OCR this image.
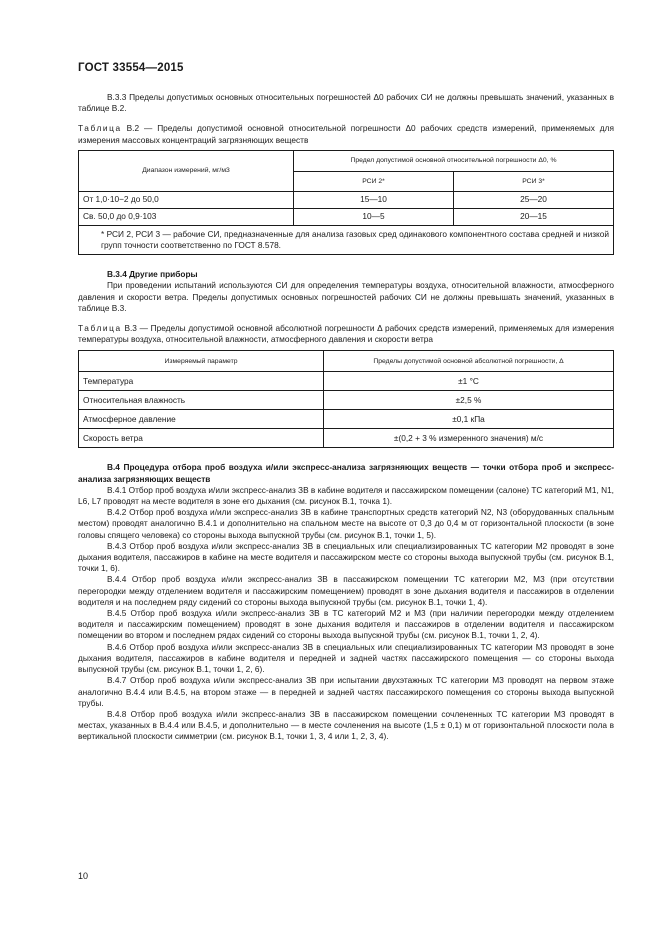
ГОСТ 33554—2015

В.3.3 Пределы допустимых основных относительных погрешностей Δ0 рабочих СИ не должны превышать значений, указанных в таблице В.2.

Таблица В.2 — Пределы допустимой основной относительной погрешности Δ0 рабочих средств измерений, применяемых для измерения массовых концентраций загрязняющих веществ

Диапазон измерений, мг/м3	Предел допустимой основной относительной погрешности Δ0, %	
	РСИ 2*	РСИ 3*
От 1,0·10−2 до 50,0	15—10	25—20
Св. 50,0 до 0,9·103	10—5	20—15
* РСИ 2, РСИ 3 — рабочие СИ, предназначенные для анализа газовых сред одинакового компонентного состава средней и низкой групп точности соответственно по ГОСТ 8.578.		

В.3.4 Другие приборы

При проведении испытаний используются СИ для определения температуры воздуха, относительной влажности, атмосферного давления и скорости ветра. Пределы допустимых основных погрешностей рабочих СИ не должны превышать значений, указанных в таблице В.3.

Таблица В.3 — Пределы допустимой основной абсолютной погрешности Δ рабочих средств измерений, применяемых для измерения температуры воздуха, относительной влажности, атмосферного давления и скорости ветра

Измеряемый параметр	Пределы допустимой основной абсолютной погрешности, Δ
Температура	±1 °С
Относительная влажность	±2,5 %
Атмосферное давление	±0,1 кПа
Скорость ветра	±(0,2 + 3 % измеренного значения) м/с

В.4 Процедура отбора проб воздуха и/или экспресс-анализа загрязняющих веществ — точки отбора проб и экспресс-анализа загрязняющих веществ

В.4.1 Отбор проб воздуха и/или экспресс-анализ ЗВ в кабине водителя и пассажирском помещении (салоне) ТС категорий М1, N1, L6, L7 проводят на месте водителя в зоне его дыхания (см. рисунок В.1, точка 1).

В.4.2 Отбор проб воздуха и/или экспресс-анализ ЗВ в кабине транспортных средств категорий N2, N3 (оборудованных спальным местом) проводят аналогично В.4.1 и дополнительно на спальном месте на высоте от 0,3 до 0,4 м от горизонтальной плоскости (в зоне головы спящего человека) со стороны выхода выпускной трубы (см. рисунок В.1, точки 1, 5).

В.4.3 Отбор проб воздуха и/или экспресс-анализ ЗВ в специальных или специализированных ТС категории М2 проводят в зоне дыхания водителя, пассажиров в кабине на месте водителя и пассажирском месте со стороны выхода выпускной трубы (см. рисунок В.1, точки 1, 6).

В.4.4 Отбор проб воздуха и/или экспресс-анализ ЗВ в пассажирском помещении ТС категории М2, М3 (при отсутствии перегородки между отделением водителя и пассажирским помещением) проводят в зоне дыхания водителя и пассажиров в отделении водителя и на последнем ряду сидений со стороны выхода выпускной трубы (см. рисунок В.1, точки 1, 4).

В.4.5 Отбор проб воздуха и/или экспресс-анализ ЗВ в ТС категорий М2 и М3 (при наличии перегородки между отделением водителя и пассажирским помещением) проводят в зоне дыхания водителя и пассажиров в отделении водителя и пассажирском помещении во втором и последнем рядах сидений со стороны выхода выпускной трубы (см. рисунок В.1, точки 1, 2, 4).

В.4.6 Отбор проб воздуха и/или экспресс-анализ ЗВ в специальных или специализированных ТС категории М3 проводят в зоне дыхания водителя, пассажиров в кабине водителя и передней и задней частях пассажирского помещения — со стороны выхода выпускной трубы (см. рисунок В.1, точки 1, 2, 6).

В.4.7 Отбор проб воздуха и/или экспресс-анализ ЗВ при испытании двухэтажных ТС категории М3 проводят на первом этаже аналогично В.4.4 или В.4.5, на втором этаже — в передней и задней частях пассажирского помещения со стороны выхода выпускной трубы.

В.4.8 Отбор проб воздуха и/или экспресс-анализ ЗВ в пассажирском помещении сочлененных ТС категории М3 проводят в местах, указанных в В.4.4 или В.4.5, и дополнительно — в месте сочленения на высоте (1,5 ± 0,1) м от горизонтальной плоскости пола в вертикальной плоскости симметрии (см. рисунок В.1, точки 1, 3, 4 или 1, 2, 3, 4).

10
